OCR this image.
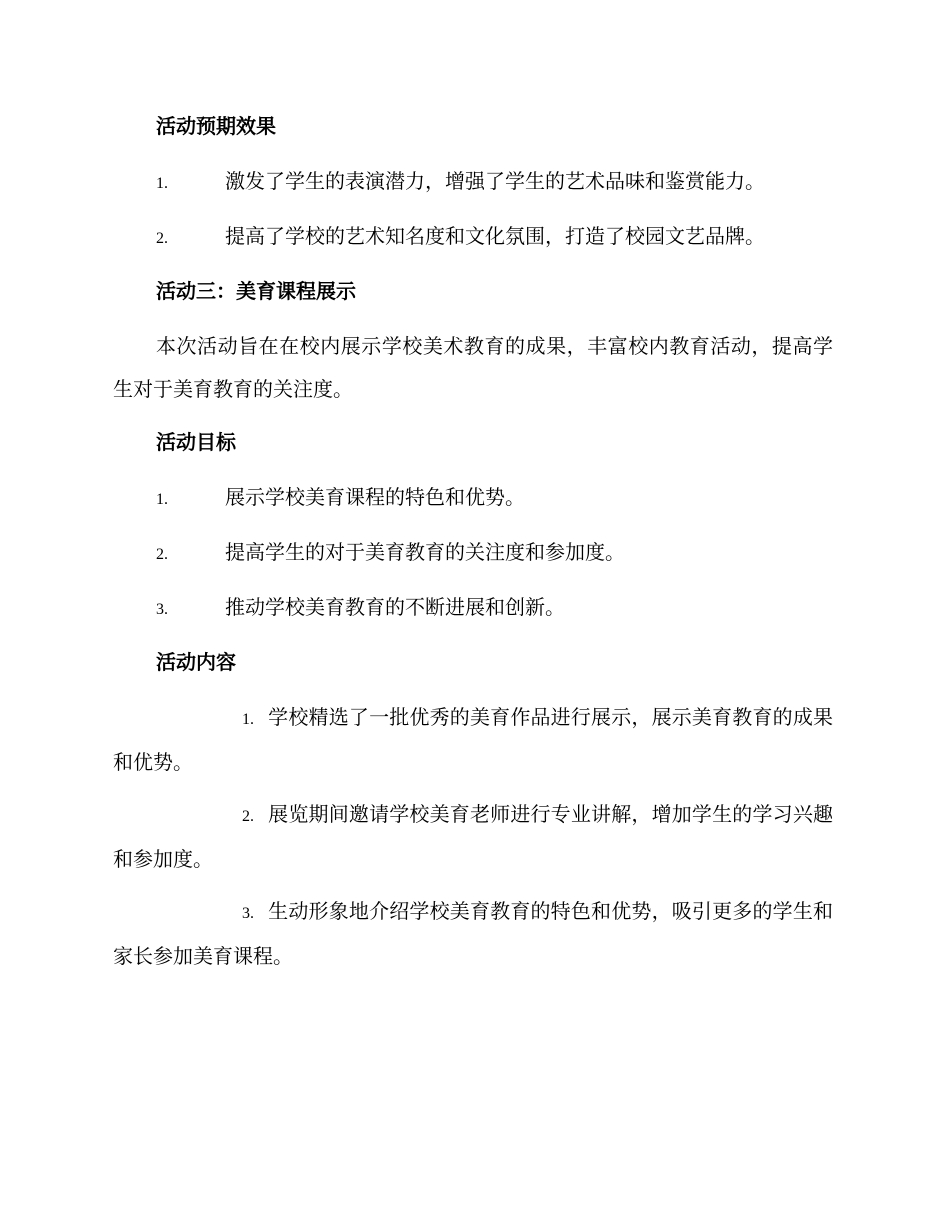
活动预期效果
1.	激发了学生的表演潜力，增强了学生的艺术品味和鉴赏能力。
2.	提高了学校的艺术知名度和文化氛围，打造了校园文艺品牌。
活动三：美育课程展示
本次活动旨在在校内展示学校美术教育的成果，丰富校内教育活动，提高学生对于美育教育的关注度。
活动目标
1.	展示学校美育课程的特色和优势。
2.	提高学生的对于美育教育的关注度和参加度。
3.	推动学校美育教育的不断进展和创新。
活动内容
1. 学校精选了一批优秀的美育作品进行展示，展示美育教育的成果和优势。
2. 展览期间邀请学校美育老师进行专业讲解，增加学生的学习兴趣和参加度。
3. 生动形象地介绍学校美育教育的特色和优势，吸引更多的学生和家长参加美育课程。
